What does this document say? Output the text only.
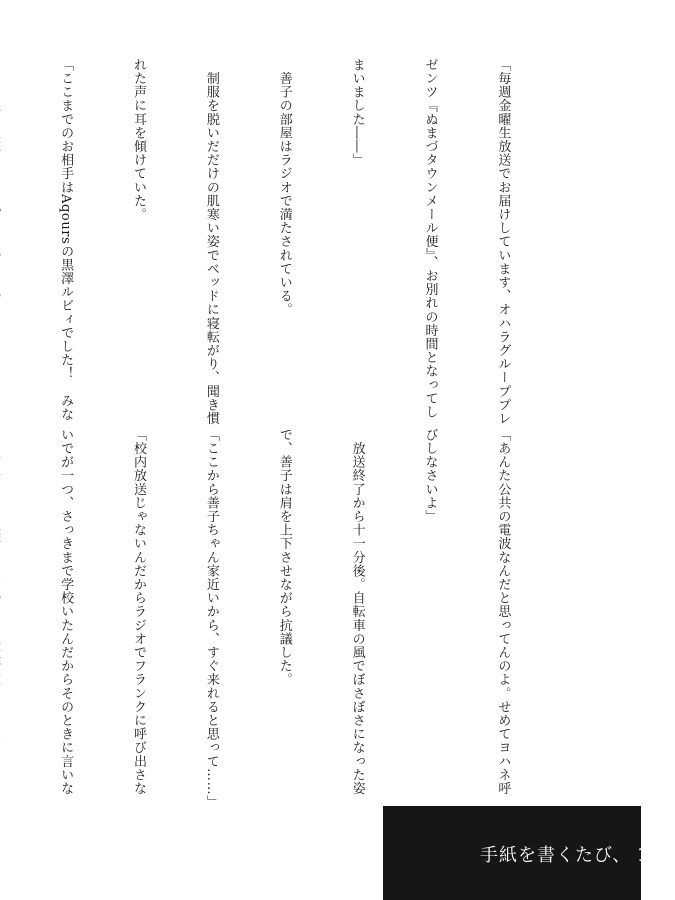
「毎週金曜生放送でお届けしています、オハラグループプレ

ゼンツ『ぬまづタウンメール便』、お別れの時間となってし

まいました――」

　善子の部屋はラジオで満たされている。

　制服を脱いだだけの肌寒い姿でベッドに寝転がり、聞き慣

れた声に耳を傾けていた。

「ここまでのお相手はAqoursの黒澤ルビィでした！　みな

「あんた公共の電波なんだと思ってんのよ。せめてヨハネ呼

びしなさいよ」

　放送終了から十一分後。自転車の風でぼさぼさになった姿

で、善子は肩を上下させながら抗議した。

「ここから善子ちゃん家近いから、すぐ来れると思って……」

「校内放送じゃないんだからラジオでフランクに呼び出さな

いでが一つ、さっきまで学校いたんだからそのときに言いな

手紙を書くたび、 130
